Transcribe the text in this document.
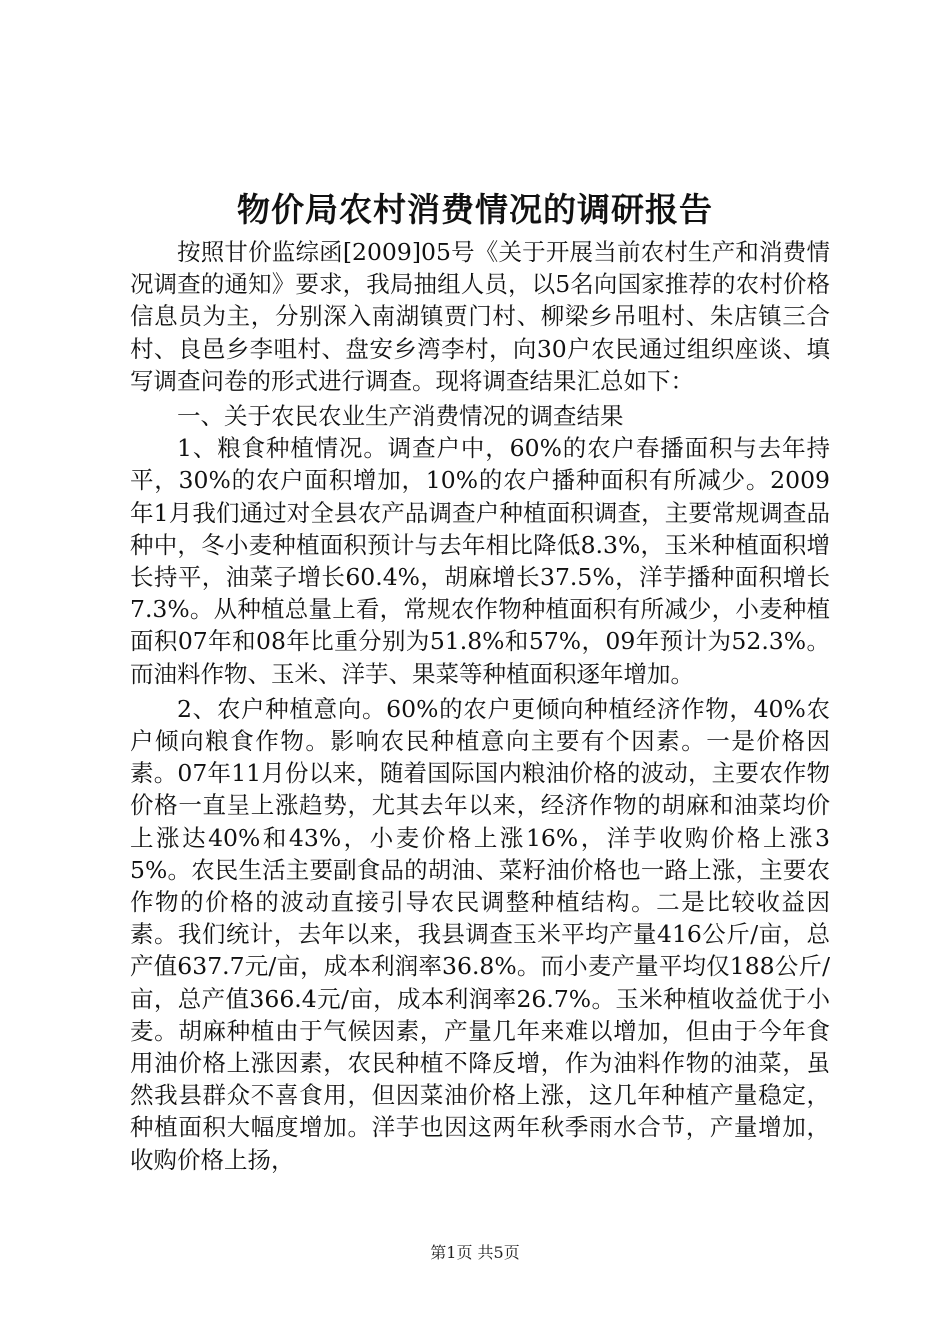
物价局农村消费情况的调研报告

按照甘价监综函[2009]05号《关于开展当前农村生产和消费情况调查的通知》要求，我局抽组人员，以5名向国家推荐的农村价格信息员为主，分别深入南湖镇贾门村、柳梁乡吊咀村、朱店镇三合村、良邑乡李咀村、盘安乡湾李村，向30户农民通过组织座谈、填写调查问卷的形式进行调查。现将调查结果汇总如下：

一、关于农民农业生产消费情况的调查结果

1、粮食种植情况。调查户中，60%的农户春播面积与去年持平，30%的农户面积增加，10%的农户播种面积有所减少。2009年1月我们通过对全县农产品调查户种植面积调查，主要常规调查品种中，冬小麦种植面积预计与去年相比降低8.3%，玉米种植面积增长持平，油菜子增长60.4%，胡麻增长37.5%，洋芋播种面积增长7.3%。从种植总量上看，常规农作物种植面积有所减少，小麦种植面积07年和08年比重分别为51.8%和57%，09年预计为52.3%。而油料作物、玉米、洋芋、果菜等种植面积逐年增加。

2、农户种植意向。60%的农户更倾向种植经济作物，40%农户倾向粮食作物。影响农民种植意向主要有个因素。一是价格因素。07年11月份以来，随着国际国内粮油价格的波动，主要农作物价格一直呈上涨趋势，尤其去年以来，经济作物的胡麻和油菜均价上涨达40%和43%，小麦价格上涨16%，洋芋收购价格上涨35%。农民生活主要副食品的胡油、菜籽油价格也一路上涨，主要农作物的价格的波动直接引导农民调整种植结构。二是比较收益因素。我们统计，去年以来，我县调查玉米平均产量416公斤/亩，总产值637.7元/亩，成本利润率36.8%。而小麦产量平均仅188公斤/亩，总产值366.4元/亩，成本利润率26.7%。玉米种植收益优于小麦。胡麻种植由于气候因素，产量几年来难以增加，但由于今年食用油价格上涨因素，农民种植不降反增，作为油料作物的油菜，虽然我县群众不喜食用，但因菜油价格上涨，这几年种植产量稳定，种植面积大幅度增加。洋芋也因这两年秋季雨水合节，产量增加，收购价格上扬，

第1页 共5页
